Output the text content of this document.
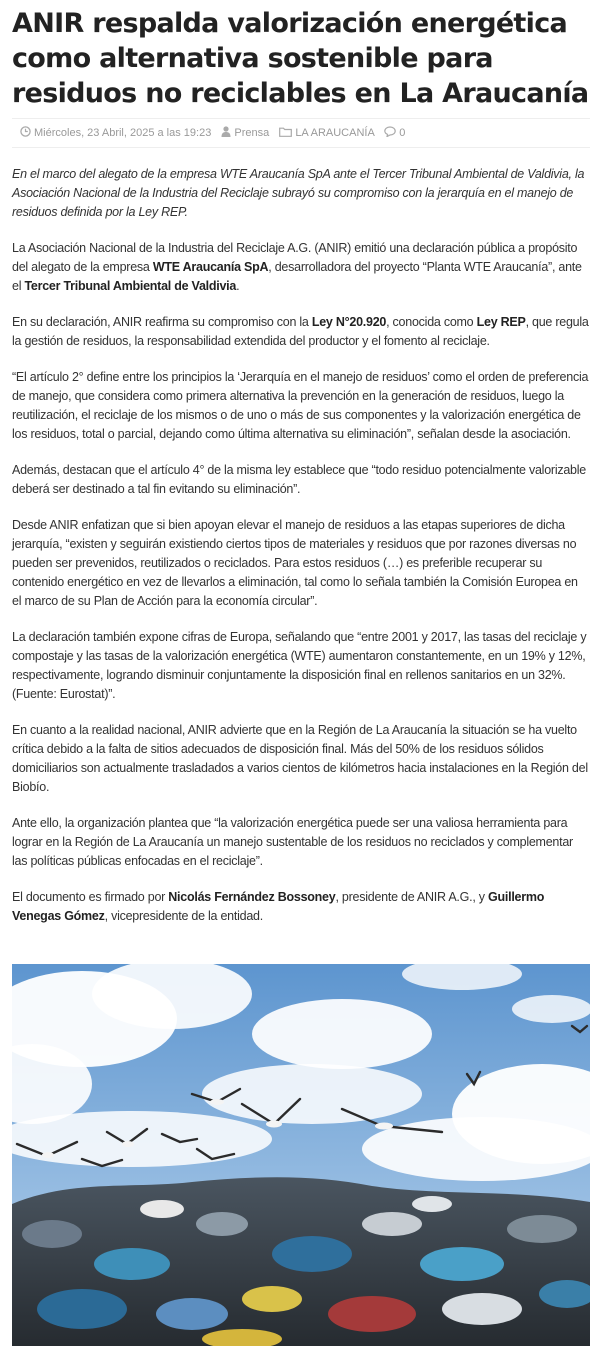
ANIR respalda valorización energética como alternativa sostenible para residuos no reciclables en La Araucanía
Miércoles, 23 Abril, 2025 a las 19:23 Prensa LA ARAUCANÍA 0

En el marco del alegato de la empresa WTE Araucanía SpA ante el Tercer Tribunal Ambiental de Valdivia, la Asociación Nacional de la Industria del Reciclaje subrayó su compromiso con la jerarquía en el manejo de residuos definida por la Ley REP.

La Asociación Nacional de la Industria del Reciclaje A.G. (ANIR) emitió una declaración pública a propósito del alegato de la empresa WTE Araucanía SpA, desarrolladora del proyecto “Planta WTE Araucanía”, ante el Tercer Tribunal Ambiental de Valdivia.

En su declaración, ANIR reafirma su compromiso con la Ley N°20.920, conocida como Ley REP, que regula la gestión de residuos, la responsabilidad extendida del productor y el fomento al reciclaje.

“El artículo 2° define entre los principios la ‘Jerarquía en el manejo de residuos’ como el orden de preferencia de manejo, que considera como primera alternativa la prevención en la generación de residuos, luego la reutilización, el reciclaje de los mismos o de uno o más de sus componentes y la valorización energética de los residuos, total o parcial, dejando como última alternativa su eliminación”, señalan desde la asociación.

Además, destacan que el artículo 4° de la misma ley establece que “todo residuo potencialmente valorizable deberá ser destinado a tal fin evitando su eliminación”.

Desde ANIR enfatizan que si bien apoyan elevar el manejo de residuos a las etapas superiores de dicha jerarquía, “existen y seguirán existiendo ciertos tipos de materiales y residuos que por razones diversas no pueden ser prevenidos, reutilizados o reciclados. Para estos residuos (…) es preferible recuperar su contenido energético en vez de llevarlos a eliminación, tal como lo señala también la Comisión Europea en el marco de su Plan de Acción para la economía circular”.

La declaración también expone cifras de Europa, señalando que “entre 2001 y 2017, las tasas del reciclaje y compostaje y las tasas de la valorización energética (WTE) aumentaron constantemente, en un 19% y 12%, respectivamente, logrando disminuir conjuntamente la disposición final en rellenos sanitarios en un 32%. (Fuente: Eurostat)”.

En cuanto a la realidad nacional, ANIR advierte que en la Región de La Araucanía la situación se ha vuelto crítica debido a la falta de sitios adecuados de disposición final. Más del 50% de los residuos sólidos domiciliarios son actualmente trasladados a varios cientos de kilómetros hacia instalaciones en la Región del Biobío.

Ante ello, la organización plantea que “la valorización energética puede ser una valiosa herramienta para lograr en la Región de La Araucanía un manejo sustentable de los residuos no reciclados y complementar las políticas públicas enfocadas en el reciclaje”.

El documento es firmado por Nicolás Fernández Bossoney, presidente de ANIR A.G., y Guillermo Venegas Gómez, vicepresidente de la entidad.
